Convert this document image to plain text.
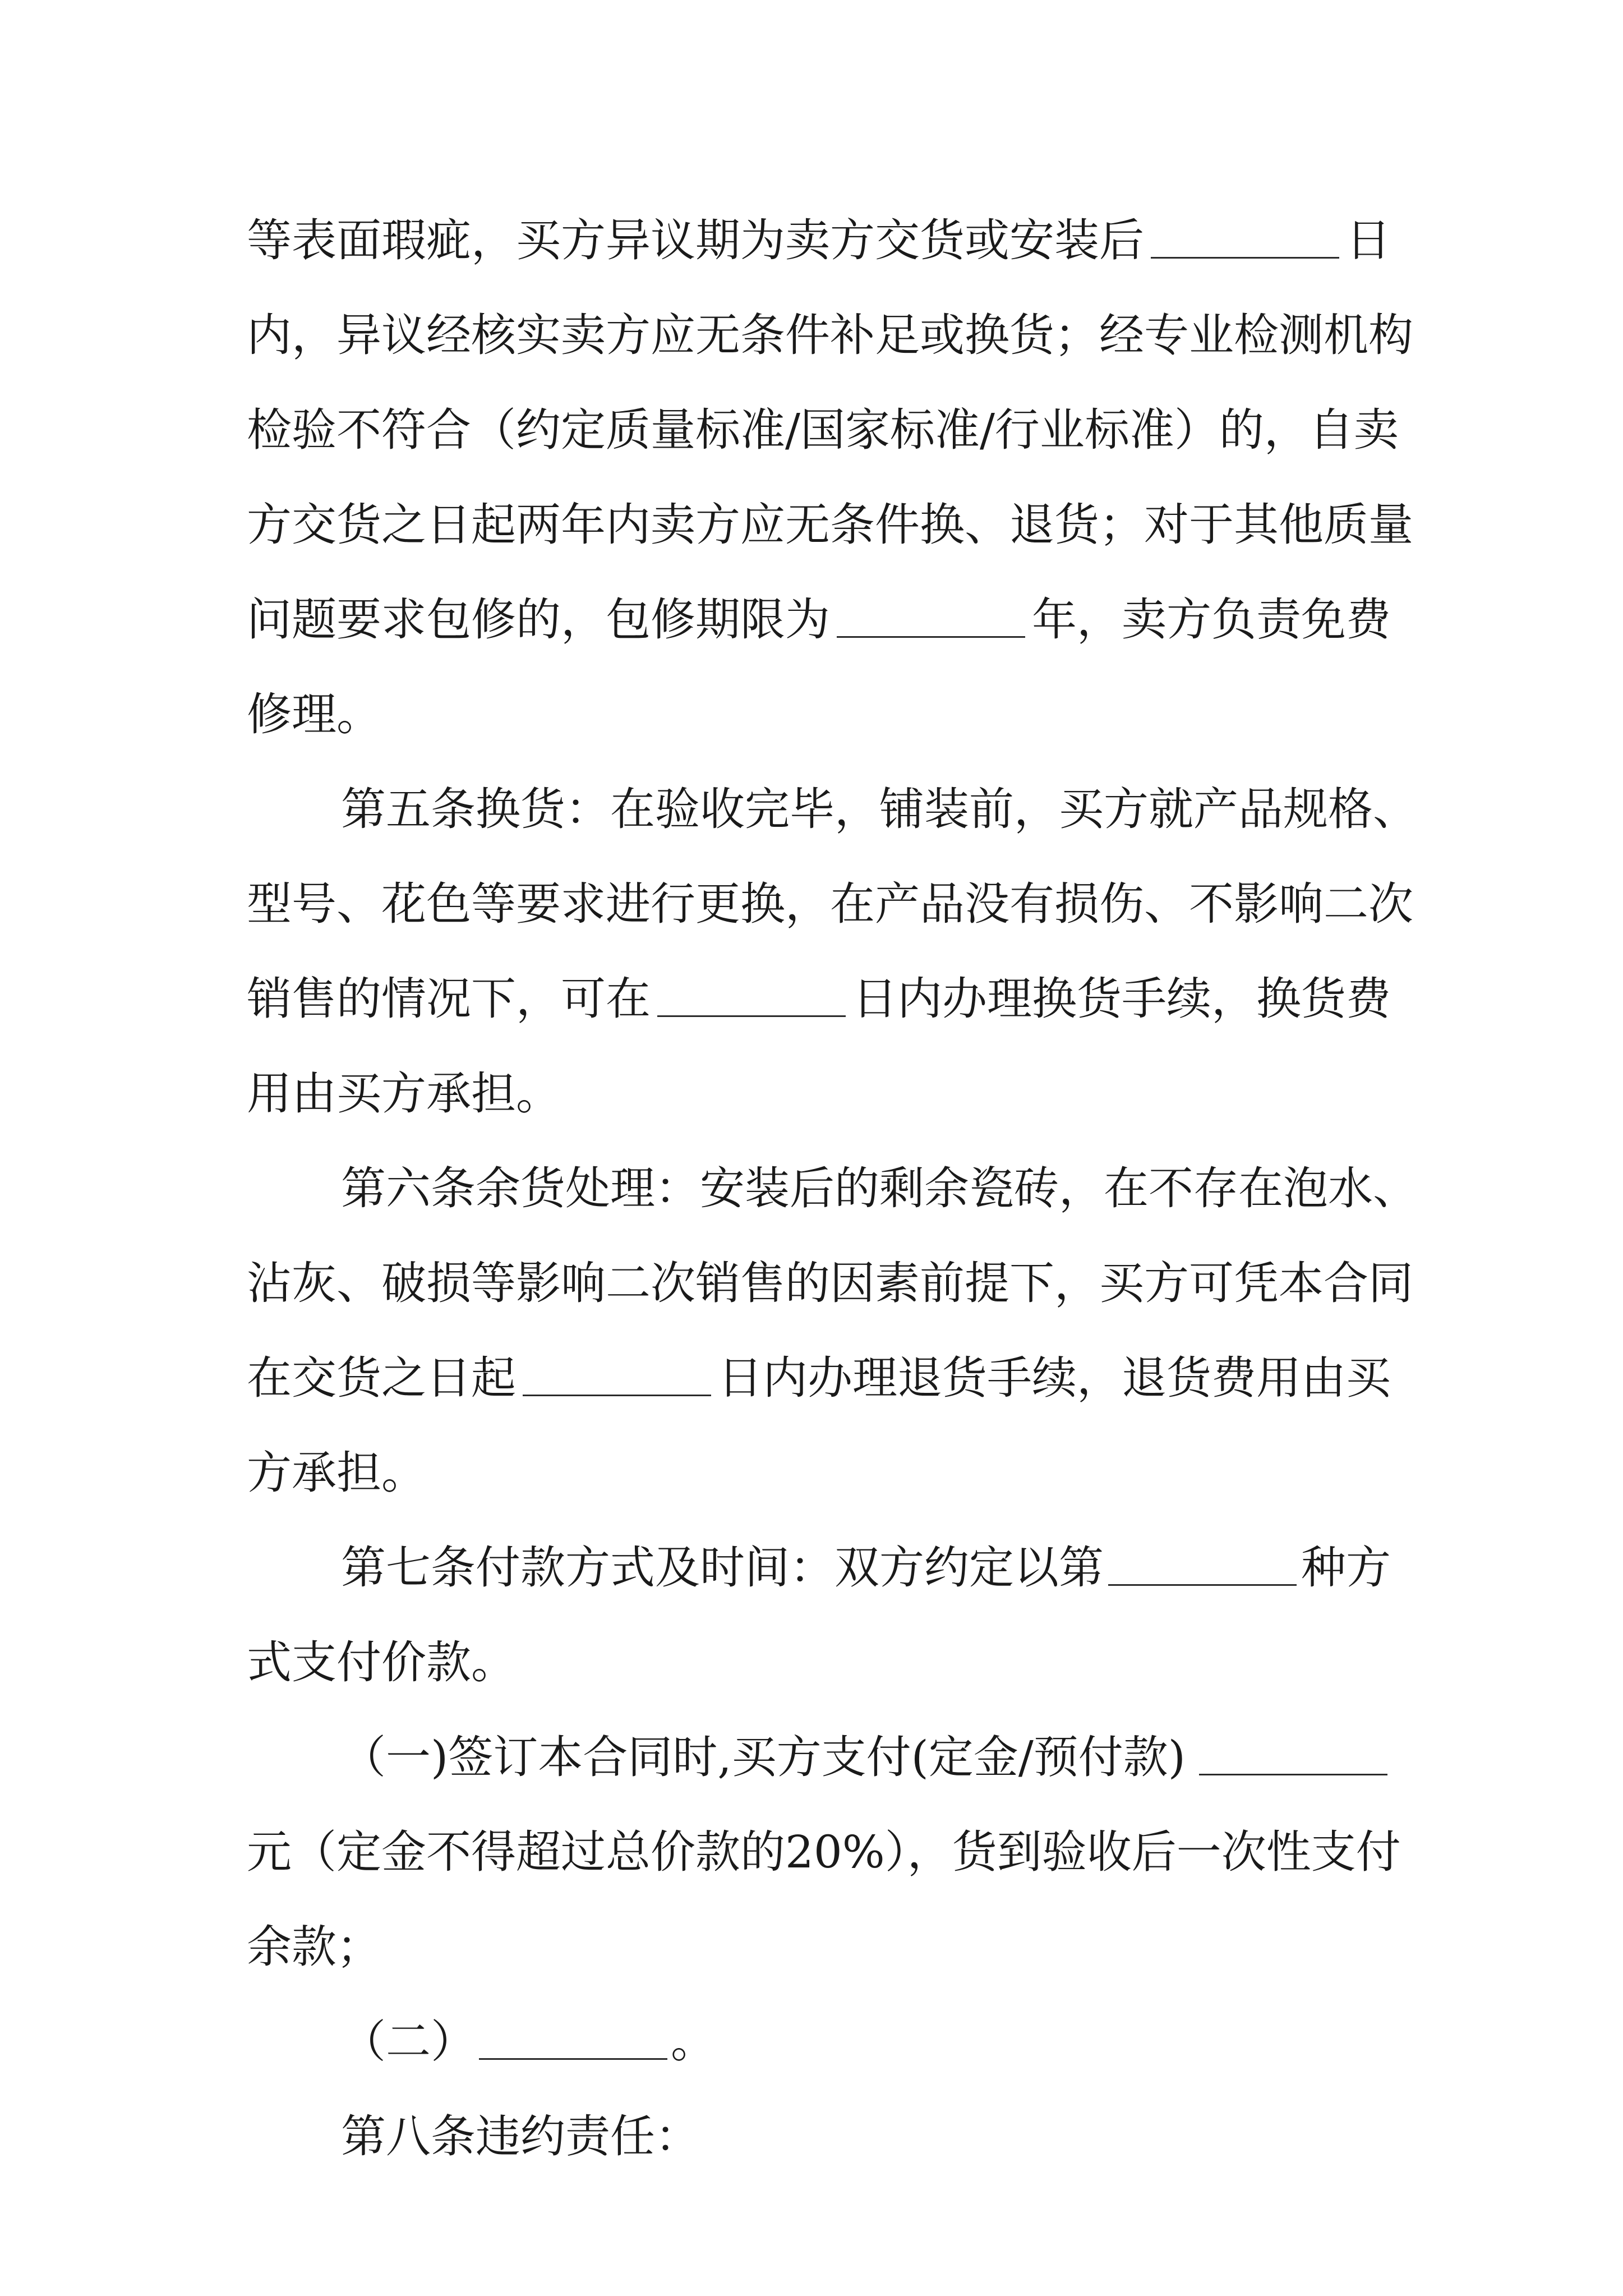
等表面瑕疵，买方异议期为卖方交货或安装后	日
内，异议经核实卖方应无条件补足或换货；经专业检测机构
检验不符合（约定质量标准/国家标准/行业标准）的，自卖
方交货之日起两年内卖方应无条件换、退货；对于其他质量
问题要求包修的，包修期限为	年，卖方负责免费
修理。
第五条换货：在验收完毕，铺装前，买方就产品规格、
型号、花色等要求进行更换，在产品没有损伤、不影响二次
销售的情况下，可在	日内办理换货手续，换货费
用由买方承担。
第六条余货处理：安装后的剩余瓷砖，在不存在泡水、
沾灰、破损等影响二次销售的因素前提下，买方可凭本合同
在交货之日起	日内办理退货手续，退货费用由买
方承担。
第七条付款方式及时间：双方约定以第	种方
式支付价款。
（一)签订本合同时,买方支付(定金/预付款)
元（定金不得超过总价款的20%），货到验收后一次性支付
余款；
（二）	。
第八条违约责任：
